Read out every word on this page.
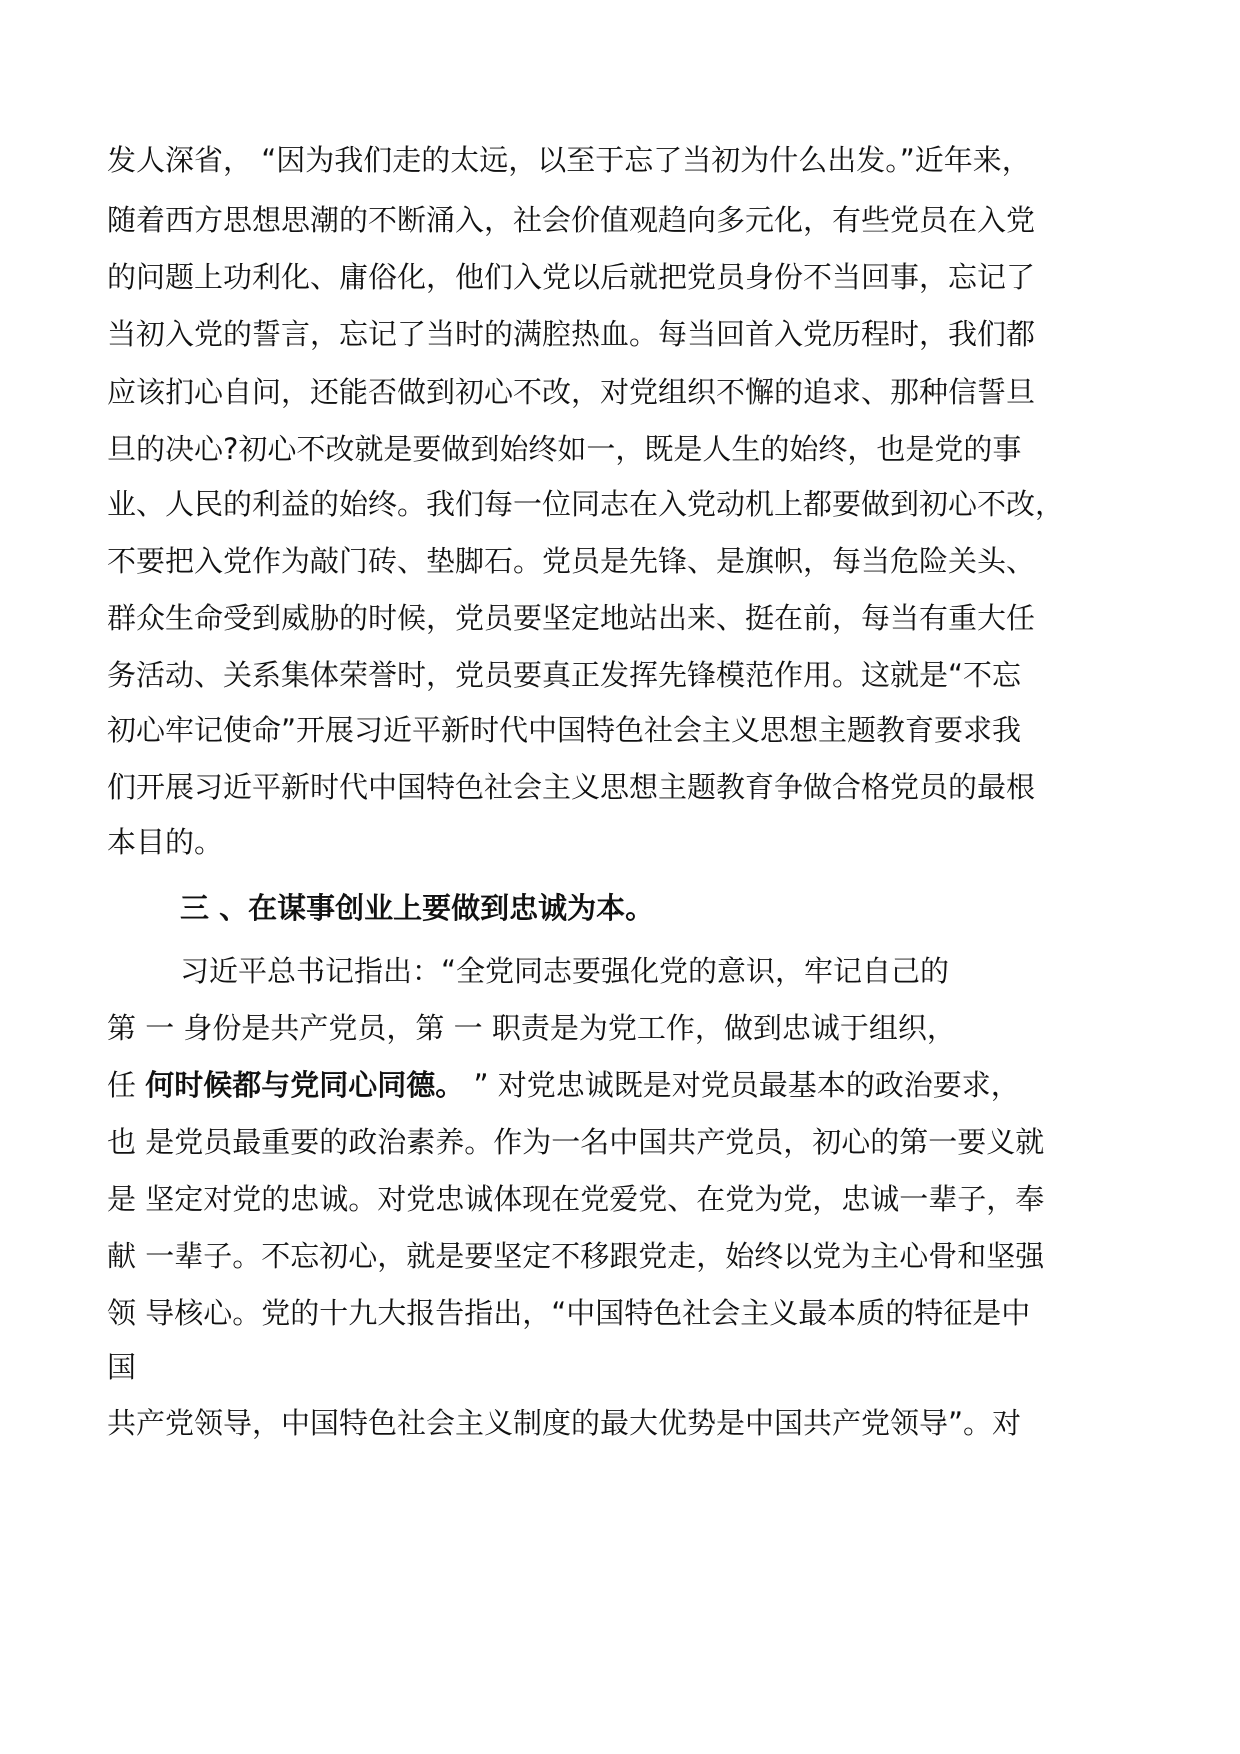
发人深省， “因为我们走的太远，以至于忘了当初为什么出发。”近年来，
随着西方思想思潮的不断涌入，社会价值观趋向多元化，有些党员在入党
的问题上功利化、庸俗化，他们入党以后就把党员身份不当回事，忘记了
当初入党的誓言，忘记了当时的满腔热血。每当回首入党历程时，我们都
应该扪心自问，还能否做到初心不改，对党组织不懈的追求、那种信誓旦
旦的决心?初心不改就是要做到始终如一，既是人生的始终，也是党的事
业、人民的利益的始终。我们每一位同志在入党动机上都要做到初心不改，
不要把入党作为敲门砖、垫脚石。党员是先锋、是旗帜，每当危险关头、
群众生命受到威胁的时候，党员要坚定地站出来、挺在前，每当有重大任
务活动、关系集体荣誉时，党员要真正发挥先锋模范作用。这就是“不忘
初心牢记使命”开展习近平新时代中国特色社会主义思想主题教育要求我
们开展习近平新时代中国特色社会主义思想主题教育争做合格党员的最根
本目的。
三 、在谋事创业上要做到忠诚为本。
习近平总书记指出：“全党同志要强化党的意识，牢记自己的
第 一 身份是共产党员，第 一 职责是为党工作，做到忠诚于组织，
任 何时候都与党同心同德。 ” 对党忠诚既是对党员最基本的政治要求，
也 是党员最重要的政治素养。作为一名中国共产党员，初心的第一要义就
是 坚定对党的忠诚。对党忠诚体现在党爱党、在党为党，忠诚一辈子，奉
献 一辈子。不忘初心，就是要坚定不移跟党走，始终以党为主心骨和坚强
领 导核心。党的十九大报告指出，“中国特色社会主义最本质的特征是中
国
共产党领导，中国特色社会主义制度的最大优势是中国共产党领导”。对
